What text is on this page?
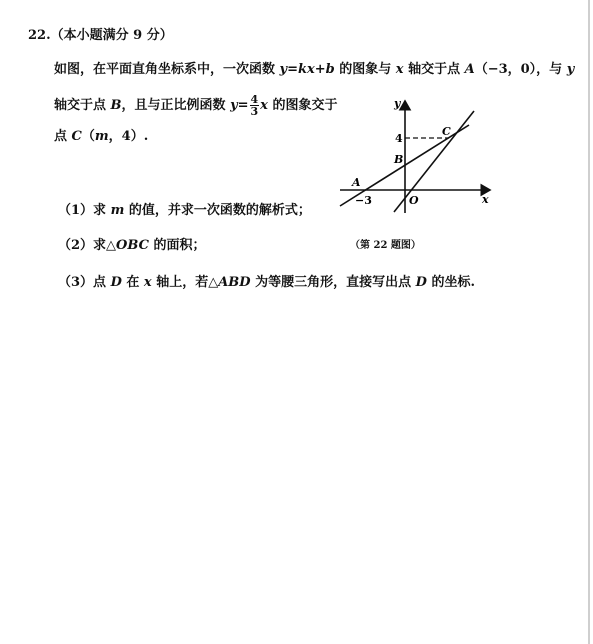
22.（本小题满分 9 分）
如图，在平面直角坐标系中，一次函数 y=kx+b 的图象与 x 轴交于点 A（−3，0），与 y
轴交于点 B，且与正比例函数 $y= \frac{4}{3}$ x 的图象交于
点 C（m，4）.
（1）求 m 的值，并求一次函数的解析式；
（2）求△OBC 的面积；
（3）点 D 在 x 轴上，若△ABD 为等腰三角形，直接写出点 D 的坐标.
y
x
O
A
B
C
4
−3
（第 22 题图）
